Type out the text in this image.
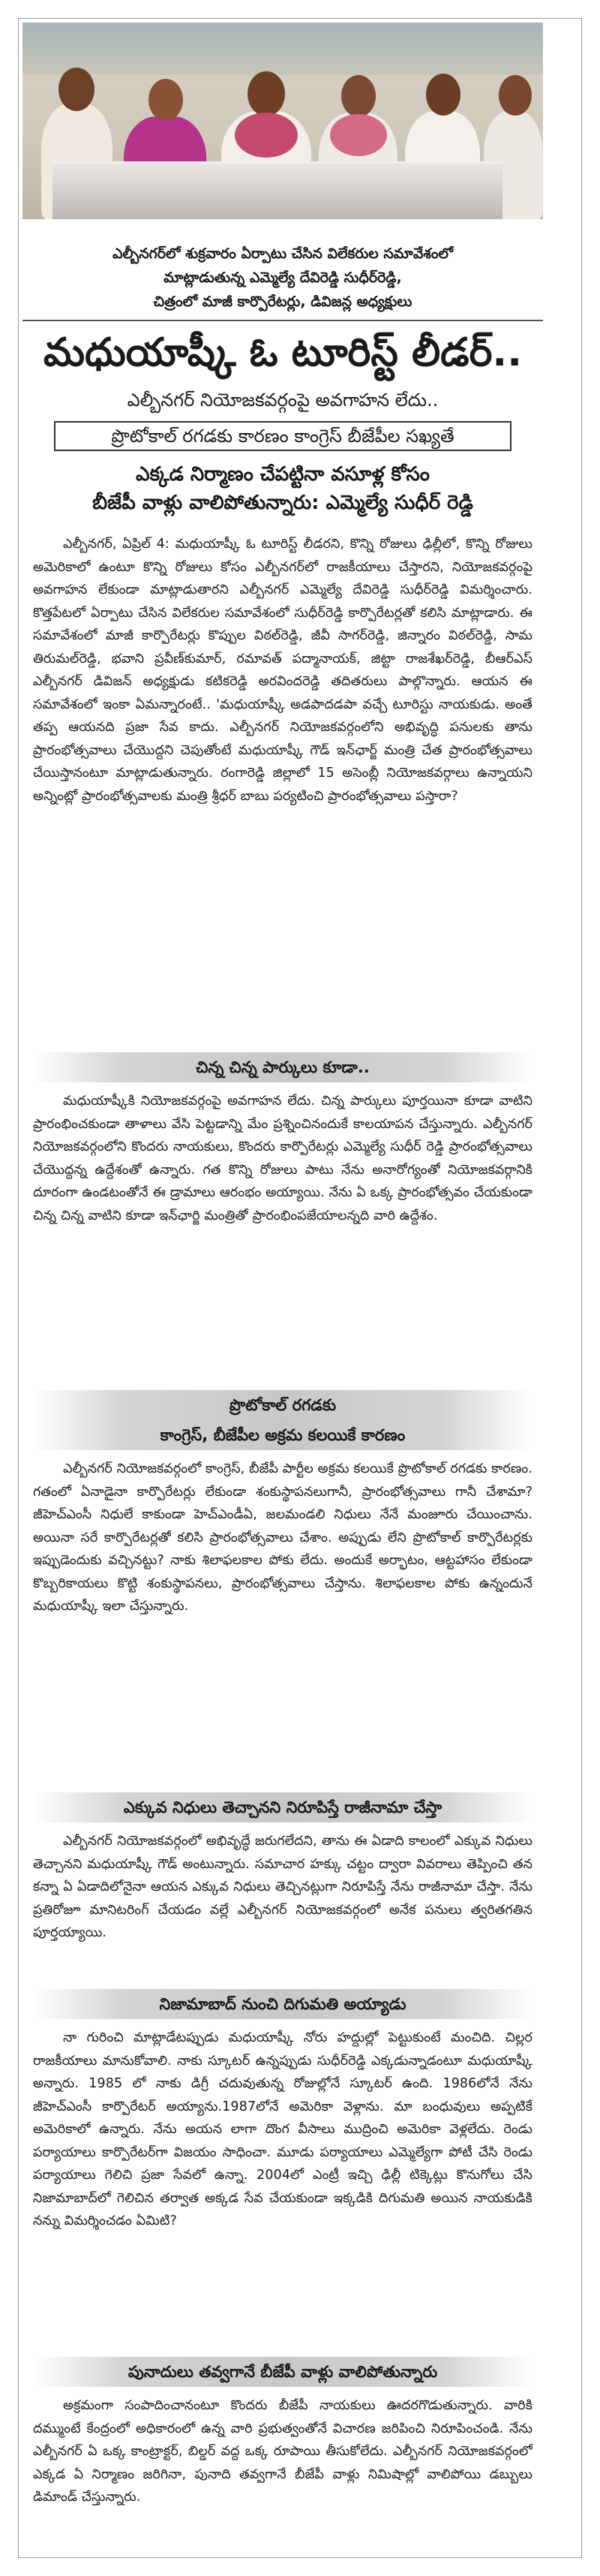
ఎల్బీనగర్‌లో శుక్రవారం ఏర్పాటు చేసిన విలేకరుల సమావేశంలో
మాట్లాడుతున్న ఎమ్మెల్యే దేవిరెడ్డి సుధీర్‌రెడ్డి,
చిత్రంలో మాజీ కార్పొరేటర్లు, డివిజన్ల అధ్యక్షులు
మధుయాష్కీ ఓ టూరిస్ట్ లీడర్..
ఎల్బీనగర్ నియోజకవర్గంపై అవగాహన లేదు..
ప్రొటోకాల్ రగడకు కారణం కాంగ్రెస్ బీజేపీల సఖ్యతే
ఎక్కడ నిర్మాణం చేపట్టినా వసూళ్ల కోసం
బీజేపీ వాళ్లు వాలిపోతున్నారు: ఎమ్మెల్యే సుధీర్ రెడ్డి
ఎల్బీనగర్, ఏప్రిల్ 4: మధుయాష్కీ ఓ టూరిస్ట్ లీడరని, కొన్ని రోజులు ఢిల్లీలో, కొన్ని రోజులు అమెరికాలో ఉంటూ కొన్ని రోజులు కోసం ఎల్బీనగర్‌లో రాజకీయాలు చేస్తారని, నియోజకవర్గంపై అవగాహన లేకుండా మాట్లాడుతారని ఎల్బీనగర్ ఎమ్మెల్యే దేవిరెడ్డి సుధీర్‌రెడ్డి విమర్శించారు. కొత్తపేటలో ఏర్పాటు చేసిన విలేకరుల సమావేశంలో సుధీర్‌రెడ్డి కార్పొరేటర్లతో కలిసి మాట్లాడారు. ఈ సమావేశంలో మాజీ కార్పొరేటర్లు కొప్పుల విఠల్‌రెడ్డి, జీవీ సాగర్‌రెడ్డి, జిన్నారం విఠల్‌రెడ్డి, సామ తిరుమల్‌రెడ్డి, భవాని ప్రవీణ్‌కుమార్, రమావత్ పద్మానాయక్, జిట్టా రాజశేఖర్‌రెడ్డి, బీఆర్ఎస్ ఎల్బీనగర్ డివిజన్ అధ్యక్షుడు కటికరెడ్డి అరవిందరెడ్డి తదితరులు పాల్గొన్నారు. ఆయన ఈ సమావేశంలో ఇంకా ఏమన్నారంటే.. 'మధుయాష్కీ అడపాదడపా వచ్చే టూరిస్టు నాయకుడు. అంతే తప్ప ఆయనది ప్రజా సేవ కాదు. ఎల్బీనగర్ నియోజకవర్గంలోని అభివృద్ధి పనులకు తాను ప్రారంభోత్సవాలు చేయొద్దని చెపుతోంటే మధుయాష్కీ గౌడ్ ఇన్‌ఛార్జ్ మంత్రి చేత ప్రారంభోత్సవాలు చేయిస్తానంటూ మాట్లాడుతున్నారు. రంగారెడ్డి జిల్లాలో 15 అసెంబ్లీ నియోజకవర్గాలు ఉన్నాయని అన్నింట్లో ప్రారంభోత్సవాలకు మంత్రి శ్రీధర్ బాబు పర్యటించి ప్రారంభోత్సవాలు పస్తారా?
చిన్న చిన్న పార్కులు కూడా..
మధుయాష్కీకి నియోజకవర్గంపై అవగాహన లేదు. చిన్న పార్కులు పూర్తయినా కూడా వాటిని ప్రారంభించకుండా తాళాలు వేసి పెట్టడాన్ని మేం ప్రశ్నించినందుకే కాలయాపన చేస్తున్నారు. ఎల్బీనగర్ నియోజకవర్గంలోని కొందరు నాయకులు, కొందరు కార్పొరేటర్లు ఎమ్మెల్యే సుధీర్ రెడ్డి ప్రారంభోత్సవాలు చేయొద్దన్న ఉద్దేశంతో ఉన్నారు. గత కొన్ని రోజులు పాటు నేను అనారోగ్యంతో నియోజకవర్గానికి దూరంగా ఉండటంతోనే ఈ డ్రామాలు ఆరంభం అయ్యాయి. నేను ఏ ఒక్క ప్రారంభోత్సవం చేయకుండా చిన్న చిన్న వాటిని కూడా ఇన్‌ఛార్జి మంత్రితో ప్రారంభింపజేయాలన్నది వారి ఉద్దేశం.
ప్రొటోకాల్ రగడకు
కాంగ్రెస్, బీజేపీల అక్రమ కలయికే కారణం
ఎల్బీనగర్ నియోజకవర్గంలో కాంగ్రెస్, బీజేపీ పార్టీల అక్రమ కలయికే ప్రొటోకాల్ రగడకు కారణం. గతంలో ఏనాడైనా కార్పొరేటర్లు లేకుండా శంకుస్థాపనలుగానీ, ప్రారంభోత్సవాలు గానీ చేశామా? జీహెచ్ఎంసీ నిధులే కాకుండా హెచ్ఎండీఏ, జలమండలి నిధులు నేనే మంజూరు చేయించాను. అయినా సరే కార్పొరేటర్లతో కలిసి ప్రారంభోత్సవాలు చేశాం. అప్పుడు లేని ప్రొటోకాల్ కార్పొరేటర్లకు ఇప్పుడెందుకు వచ్చినట్టు? నాకు శిలాఫలకాల పోకు లేదు. అందుకే అర్భాటం, ఆట్టహాసం లేకుండా కొబ్బరికాయలు కొట్టి శంకుస్థాపనలు, ప్రారంభోత్సవాలు చేస్తాను. శిలాఫలకాల పోకు ఉన్నందునే మధుయాష్కీ ఇలా చేస్తున్నారు.
ఎక్కువ నిధులు తెచ్చానని నిరూపిస్తే రాజీనామా చేస్తా
ఎల్బీనగర్ నియోజకవర్గంలో అభివృద్ధే జరుగలేదని, తాను ఈ ఏడాది కాలంలో ఎక్కువ నిధులు తెచ్చానని మధుయాష్కీ గౌడ్ అంటున్నారు. సమాచార హక్కు చట్టం ద్వారా వివరాలు తెప్పించి తన కన్నా ఏ ఏడాదిలోనైనా ఆయన ఎక్కువ నిధులు తెచ్చినట్లుగా నిరూపిస్తే నేను రాజీనామా చేస్తా. నేను ప్రతిరోజూ మానిటరింగ్ చేయడం వల్లే ఎల్బీనగర్ నియోజకవర్గంలో అనేక పనులు త్వరితగతిన పూర్తయ్యాయి.
నిజామాబాద్ నుంచి దిగుమతి అయ్యాడు
నా గురించి మాట్లాడేటప్పుడు మధుయాష్కీ నోరు హద్దుల్లో పెట్టుకుంటే మంచిది. చిల్లర రాజకీయాలు మానుకోవాలి. నాకు స్కూటర్ ఉన్నప్పుడు సుధీర్‌రెడ్డి ఎక్కడున్నాడంటూ మధుయాష్కీ అన్నారు. 1985 లో నాకు డిగ్రీ చదువుతున్న రోజుల్లోనే స్కూటర్ ఉంది. 1986లోనే నేను జీహెచ్ఎంసీ కార్పొరేటర్ అయ్యాను.1987లోనే అమెరికా వెళ్లాను. మా బంధువులు అప్పటికే అమెరికాలో ఉన్నారు. నేను అయన లాగా దొంగ వీసాలు ముద్రించి అమెరికా వెళ్లలేదు. రెండు పర్యాయాలు కార్పొరేటర్‌గా విజయం సాధించా. మూడు పర్యాయాలు ఎమ్మెల్యేగా పోటీ చేసి రెండు పర్యాయాలు గెలిచి ప్రజా సేవలో ఉన్నా. 2004లో ఎంట్రీ ఇచ్చి ఢిల్లీ టిక్కెట్లు కొనుగోలు చేసి నిజామాబాద్‌లో గెలిచిన తర్వాత అక్కడ సేవ చేయకుండా ఇక్కడికి దిగుమతి అయిన నాయకుడికి నన్ను విమర్శించడం ఏమిటి?
పునాదులు తవ్వగానే బీజేపీ వాళ్లు వాలిపోతున్నారు
అక్రమంగా సంపాదించానంటూ కొందరు బీజేపీ నాయకులు ఊదరగొడుతున్నారు. వారికి దమ్ముంటే కేంద్రంలో అధికారంలో ఉన్న వారి ప్రభుత్వంతోనే విచారణ జరిపించి నిరూపించండి. నేను ఎల్బీనగర్ ఏ ఒక్క కాంట్రాక్టర్, బిల్డర్ వద్ద ఒక్క రూపాయి తీసుకోలేదు. ఎల్బీనగర్ నియోజకవర్గంలో ఎక్కడ ఏ నిర్మాణం జరిగినా, పునాది తవ్వగానే బీజేపీ వాళ్లు నిమిషాల్లో వాలిపోయి డబ్బులు డిమాండ్ చేస్తున్నారు.
